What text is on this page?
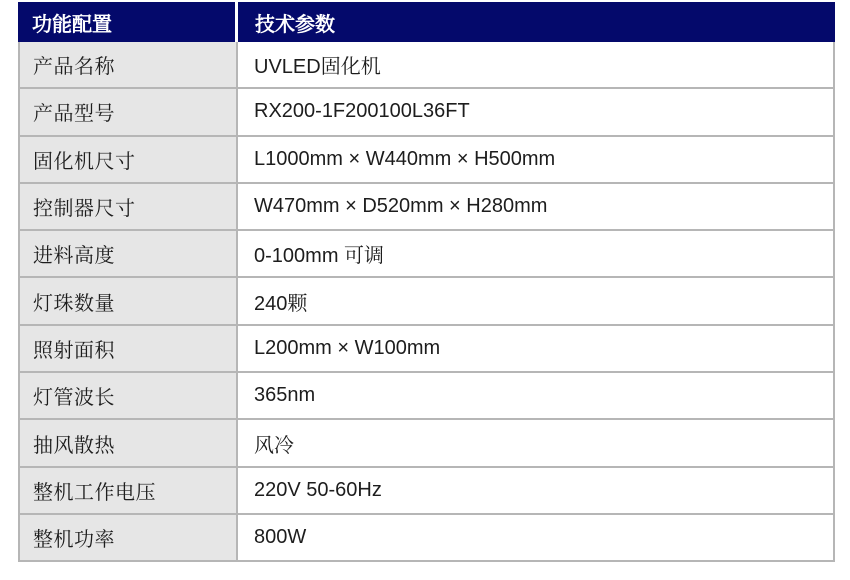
功能配置	技术参数
产品名称	UVLED固化机
产品型号	RX200-1F200100L36FT
固化机尺寸	L1000mm × W440mm × H500mm
控制器尺寸	W470mm × D520mm × H280mm
进料高度	0-100mm 可调
灯珠数量	240颗
照射面积	L200mm × W100mm
灯管波长	365nm
抽风散热	风冷
整机工作电压	220V 50-60Hz
整机功率	800W
